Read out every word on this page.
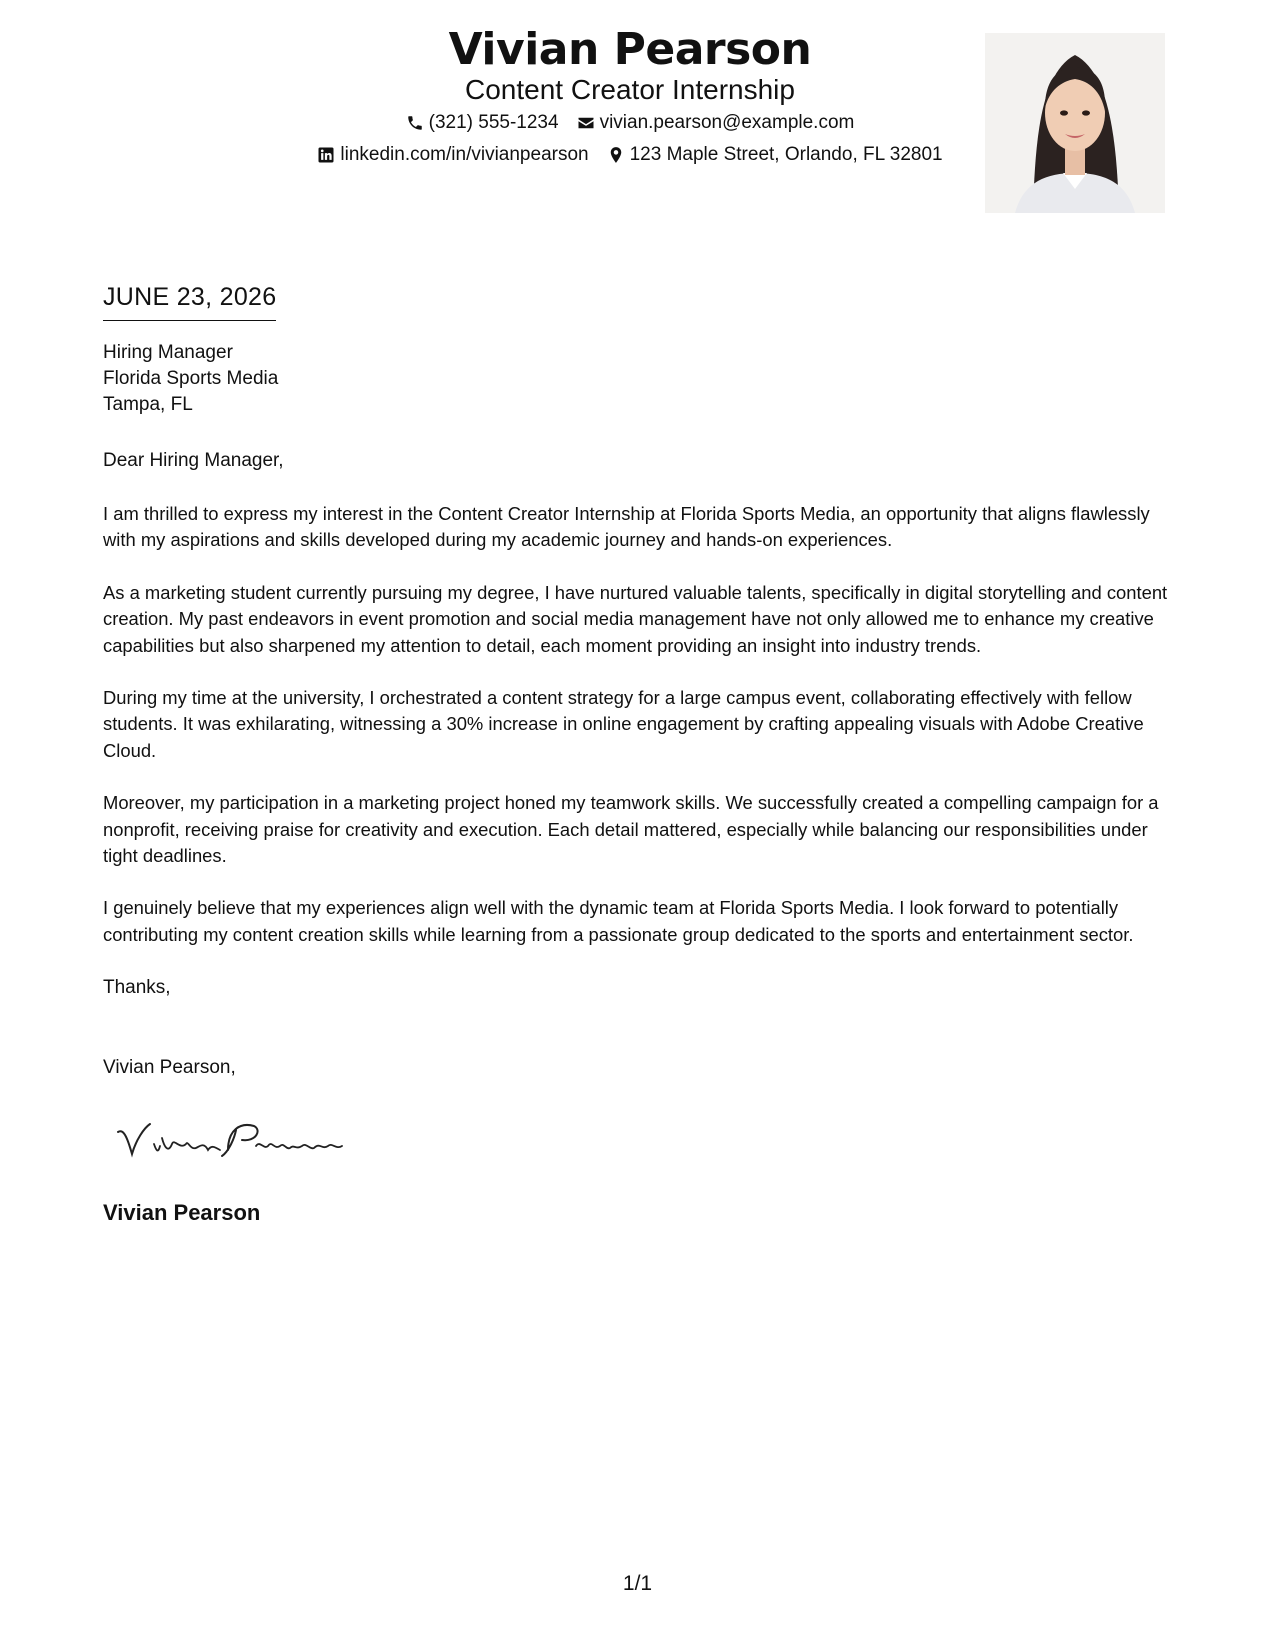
Vivian Pearson
Content Creator Internship
(321) 555-1234 vivian.pearson@example.com
linkedin.com/in/vivianpearson 123 Maple Street, Orlando, FL 32801
JUNE 23, 2026
Hiring Manager
Florida Sports Media
Tampa, FL
Dear Hiring Manager,

I am thrilled to express my interest in the Content Creator Internship at Florida Sports Media, an opportunity that aligns flawlessly with my aspirations and skills developed during my academic journey and hands-on experiences.

As a marketing student currently pursuing my degree, I have nurtured valuable talents, specifically in digital storytelling and content creation. My past endeavors in event promotion and social media management have not only allowed me to enhance my creative capabilities but also sharpened my attention to detail, each moment providing an insight into industry trends.

During my time at the university, I orchestrated a content strategy for a large campus event, collaborating effectively with fellow students. It was exhilarating, witnessing a 30% increase in online engagement by crafting appealing visuals with Adobe Creative Cloud.

Moreover, my participation in a marketing project honed my teamwork skills. We successfully created a compelling campaign for a nonprofit, receiving praise for creativity and execution. Each detail mattered, especially while balancing our responsibilities under tight deadlines.

I genuinely believe that my experiences align well with the dynamic team at Florida Sports Media. I look forward to potentially contributing my content creation skills while learning from a passionate group dedicated to the sports and entertainment sector.

Thanks,
Vivian Pearson,
Vivian Pearson
1/1
